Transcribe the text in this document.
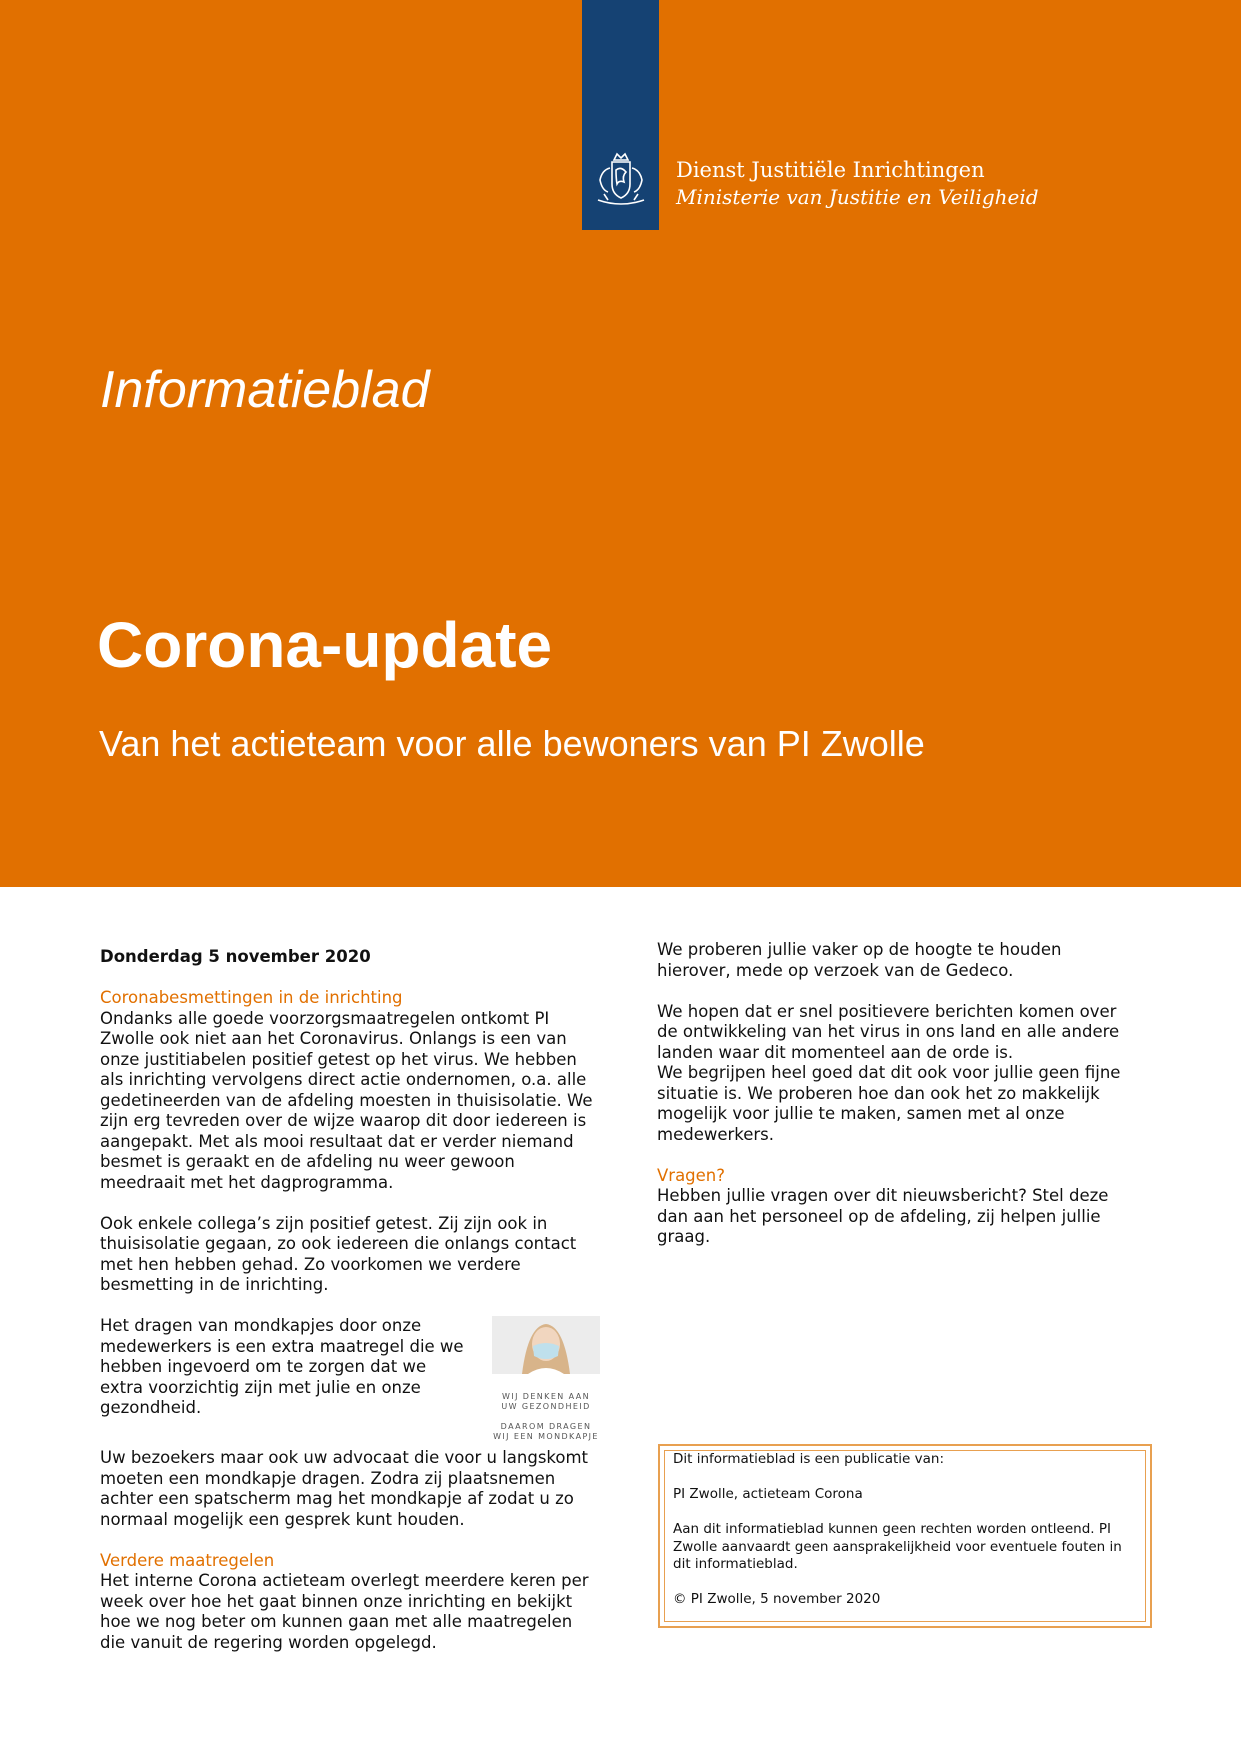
Dienst Justitiële Inrichtingen
Ministerie van Justitie en Veiligheid
Informatieblad
Corona-update
Van het actieteam voor alle bewoners van PI Zwolle
Donderdag 5 november 2020
Coronabesmettingen in de inrichting

Ondanks alle goede voorzorgsmaatregelen ontkomt PI Zwolle ook niet aan het Coronavirus. Onlangs is een van onze justitiabelen positief getest op het virus. We hebben als inrichting vervolgens direct actie ondernomen, o.a. alle gedetineerden van de afdeling moesten in thuisisolatie. We zijn erg tevreden over de wijze waarop dit door iedereen is aangepakt. Met als mooi resultaat dat er verder niemand besmet is geraakt en de afdeling nu weer gewoon meedraait met het dagprogramma.

Ook enkele collega’s zijn positief getest. Zij zijn ook in thuisisolatie gegaan, zo ook iedereen die onlangs contact met hen hebben gehad. Zo voorkomen we verdere besmetting in de inrichting.

WIJ DENKEN AAN UW GEZONDHEID
DAAROM DRAGEN WIJ EEN MONDKAPJE

Het dragen van mondkapjes door onze medewerkers is een extra maatregel die we hebben ingevoerd om te zorgen dat we extra voorzichtig zijn met julie en onze gezondheid.

Uw bezoekers maar ook uw advocaat die voor u langskomt moeten een mondkapje dragen. Zodra zij plaatsnemen achter een spatscherm mag het mondkapje af zodat u zo normaal mogelijk een gesprek kunt houden.

Verdere maatregelen

Het interne Corona actieteam overlegt meerdere keren per week over hoe het gaat binnen onze inrichting en bekijkt hoe we nog beter om kunnen gaan met alle maatregelen die vanuit de regering worden opgelegd.

We proberen jullie vaker op de hoogte te houden hierover, mede op verzoek van de Gedeco.

We hopen dat er snel positievere berichten komen over de ontwikkeling van het virus in ons land en alle andere landen waar dit momenteel aan de orde is.

We begrijpen heel goed dat dit ook voor jullie geen fijne situatie is. We proberen hoe dan ook het zo makkelijk mogelijk voor jullie te maken, samen met al onze medewerkers.

Vragen?

Hebben jullie vragen over dit nieuwsbericht? Stel deze dan aan het personeel op de afdeling, zij helpen jullie graag.

Dit informatieblad is een publicatie van:

PI Zwolle, actieteam Corona

Aan dit informatieblad kunnen geen rechten worden ontleend. PI Zwolle aanvaardt geen aansprakelijkheid voor eventuele fouten in dit informatieblad.

© PI Zwolle, 5 november 2020
